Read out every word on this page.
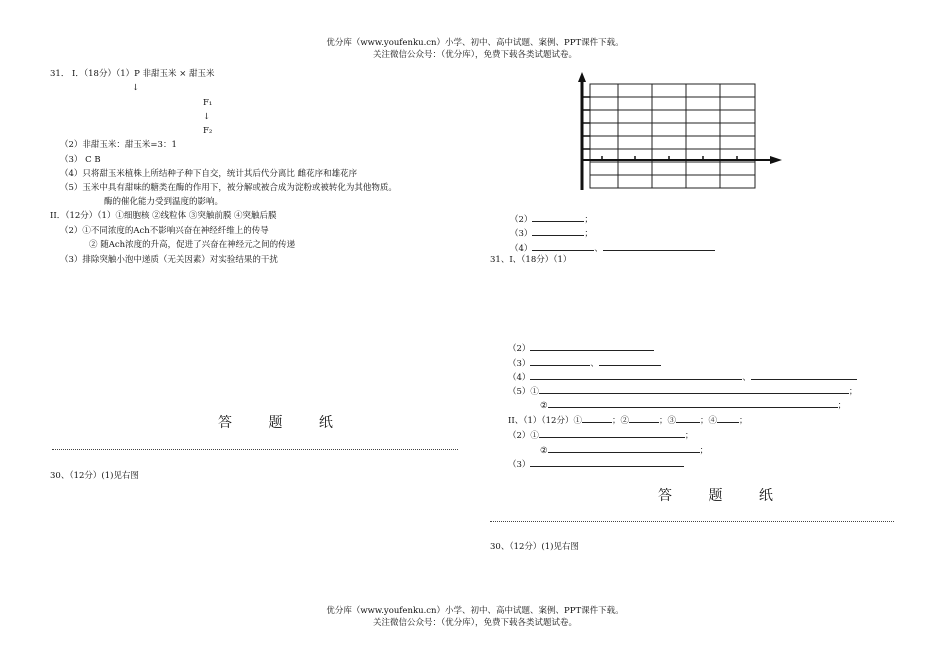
优分库（www.youfenku.cn）小学、初中、高中试题、案例、PPT课件下载。
关注微信公众号：（优分库），免费下载各类试题试卷。
31． I．（18分）（1）P 非甜玉米 × 甜玉米
↓
F₁
↓
F₂
（2）非甜玉米：甜玉米=3：1
（3） C B
（4）只将甜玉米植株上所结种子种下自交，统计其后代分离比 雌花序和雄花序
（5）玉米中具有甜味的糖类在酶的作用下，被分解或被合成为淀粉或被转化为其他物质。
酶的催化能力受到温度的影响。
II．（12分）（1）①细胞核 ②线粒体 ③突触前膜 ④突触后膜
（2）①不同浓度的Ach不影响兴奋在神经纤维上的传导
② 随Ach浓度的升高，促进了兴奋在神经元之间的传递
（3）排除突触小泡中递质（无关因素）对实验结果的干扰
答 题 纸
30、（12分）(1)见右图
（2）	；
（3）	；
（4）	、
31、I、（18分）（1）
（2）
（3）	、
（4）	、
（5）①	；
②	；
II、（1）（12分）①	；②	；③	；④	；
（2）①	；
②	；
（3）
答 题 纸
30、（12分）(1)见右图
优分库（www.youfenku.cn）小学、初中、高中试题、案例、PPT课件下载。
关注微信公众号：（优分库），免费下载各类试题试卷。
